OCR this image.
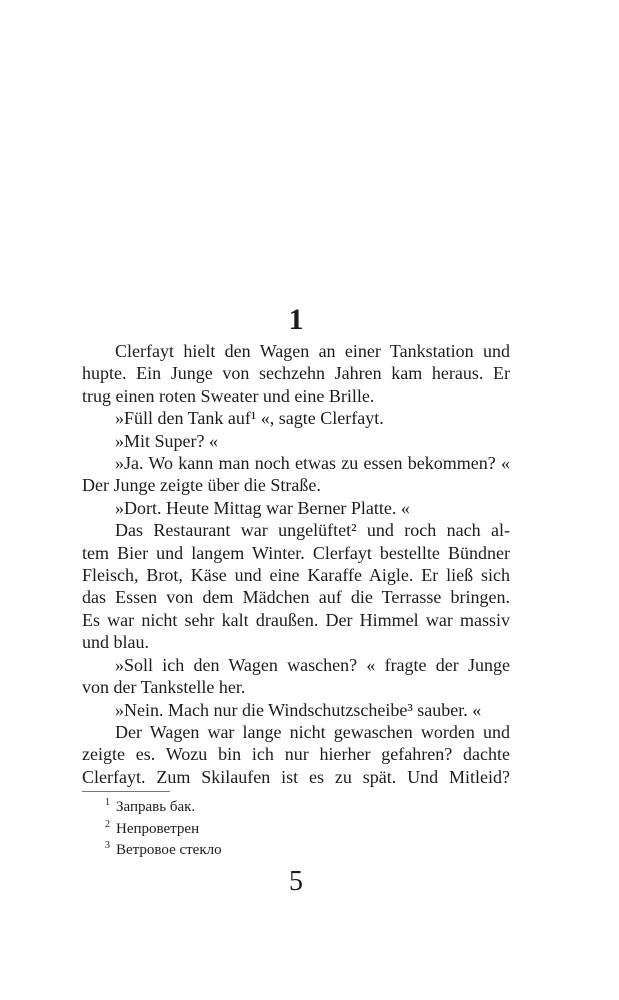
1
Clerfayt hielt den Wagen an einer Tankstation und
hupte. Ein Junge von sechzehn Jahren kam heraus. Er
trug einen roten Sweater und eine Brille.
»Füll den Tank auf¹ «, sagte Clerfayt.
»Mit Super? «
»Ja. Wo kann man noch etwas zu essen bekommen? «
Der Junge zeigte über die Straße.
»Dort. Heute Mittag war Berner Platte. «
Das Restaurant war ungelüftet² und roch nach al-
tem Bier und langem Winter. Clerfayt bestellte Bündner
Fleisch, Brot, Käse und eine Karaffe Aigle. Er ließ sich
das Essen von dem Mädchen auf die Terrasse bringen.
Es war nicht sehr kalt draußen. Der Himmel war massiv
und blau.
»Soll ich den Wagen waschen? « fragte der Junge
von der Tankstelle her.
»Nein. Mach nur die Windschutzscheibe³ sauber. «
Der Wagen war lange nicht gewaschen worden und
zeigte es. Wozu bin ich nur hierher gefahren? dachte
Clerfayt. Zum Skilaufen ist es zu spät. Und Mitleid?
$^1$ Заправь бак.
$^2$ Непроветрен
$^3$ Ветровое стекло
5
